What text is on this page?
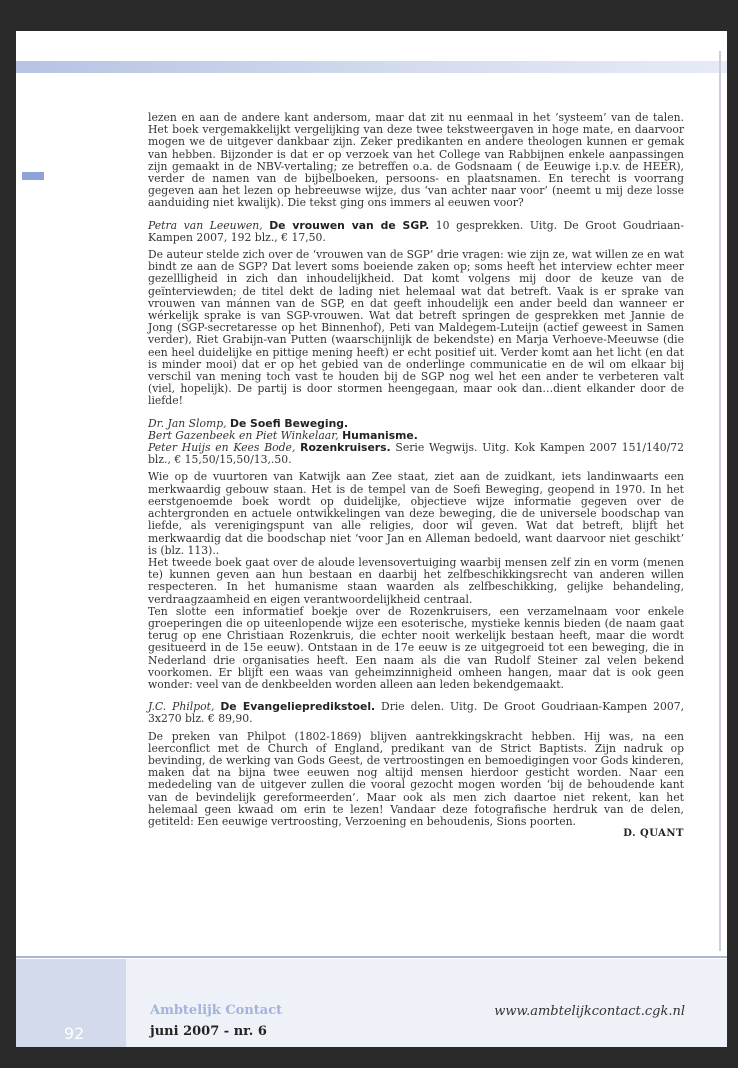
lezen en aan de andere kant andersom, maar dat zit nu eenmaal in het ‘systeem’ van de talen. Het boek vergemakkelijkt vergelijking van deze twee tekstweergaven in hoge mate, en daarvoor mogen we de uitgever dankbaar zijn. Zeker predikanten en andere theologen kunnen er gemak van hebben. Bijzonder is dat er op verzoek van het College van Rabbijnen enkele aanpassingen zijn gemaakt in de NBV-vertaling; ze betreffen o.a. de Godsnaam ( de Eeuwige i.p.v. de HEER), verder de namen van de bijbelboeken, persoons- en plaatsnamen. En terecht is voorrang gegeven aan het lezen op hebreeuwse wijze, dus ‘van achter naar voor’ (neemt u mij deze losse aanduiding niet kwalijk). Die tekst ging ons immers al eeuwen voor?

Petra van Leeuwen, De vrouwen van de SGP. 10 gesprekken. Uitg. De Groot Goudriaan-Kampen 2007, 192 blz., € 17,50.

De auteur stelde zich over de ‘vrouwen van de SGP’ drie vragen: wie zijn ze, wat willen ze en wat bindt ze aan de SGP? Dat levert soms boeiende zaken op; soms heeft het interview echter meer gezellligheid in zich dan inhoudelijkheid. Dat komt volgens mij door de keuze van de geïnterviewden; de titel dekt de lading niet helemaal wat dat betreft. Vaak is er sprake van vrouwen van mánnen van de SGP, en dat geeft inhoudelijk een ander beeld dan wanneer er wérkelijk sprake is van SGP-vrouwen. Wat dat betreft springen de gesprekken met Jannie de Jong (SGP-secretaresse op het Binnenhof), Peti van Maldegem-Luteijn (actief geweest in Samen verder), Riet Grabijn-van Putten (waarschijnlijk de bekendste) en Marja Verhoeve-Meeuwse (die een heel duidelijke en pittige mening heeft) er echt positief uit. Verder komt aan het licht (en dat is minder mooi) dat er op het gebied van de onderlinge communicatie en de wil om elkaar bij verschil van mening toch vast te houden bij de SGP nog wel het een ander te verbeteren valt (viel, hopelijk). De partij is door stormen heengegaan, maar ook dan…dient elkander door de liefde!

Dr. Jan Slomp, De Soefi Beweging.

Bert Gazenbeek en Piet Winkelaar, Humanisme.

Peter Huijs en Kees Bode, Rozenkruisers. Serie Wegwijs. Uitg. Kok Kampen 2007 151/140/72 blz., € 15,50/15,50/13,.50.

Wie op de vuurtoren van Katwijk aan Zee staat, ziet aan de zuidkant, iets landinwaarts een merkwaardig gebouw staan. Het is de tempel van de Soefi Beweging, geopend in 1970. In het eerstgenoemde boek wordt op duidelijke, objectieve wijze informatie gegeven over de achtergronden en actuele ontwikkelingen van deze beweging, die de universele boodschap van liefde, als verenigingspunt van alle religies, door wil geven. Wat dat betreft, blijft het merkwaardig dat die boodschap niet ‘voor Jan en Alleman bedoeld, want daarvoor niet geschikt’ is (blz. 113)..

Het tweede boek gaat over de aloude levensovertuiging waarbij mensen zelf zin en vorm (menen te) kunnen geven aan hun bestaan en daarbij het zelfbeschikkingsrecht van anderen willen respecteren. In het humanisme staan waarden als zelfbeschikking, gelijke behandeling, verdraagzaamheid en eigen verantwoordelijkheid centraal.

Ten slotte een informatief boekje over de Rozenkruisers, een verzamelnaam voor enkele groeperingen die op uiteenlopende wijze een esoterische, mystieke kennis bieden (de naam gaat terug op ene Christiaan Rozenkruis, die echter nooit werkelijk bestaan heeft, maar die wordt gesitueerd in de 15e eeuw). Ontstaan in de 17e eeuw is ze uitgegroeid tot een beweging, die in Nederland drie organisaties heeft. Een naam als die van Rudolf Steiner zal velen bekend voorkomen. Er blijft een waas van geheimzinnigheid omheen hangen, maar dat is ook geen wonder: veel van de denkbeelden worden alleen aan leden bekendgemaakt.

J.C. Philpot, De Evangeliepredikstoel. Drie delen. Uitg. De Groot Goudriaan-Kampen 2007, 3x270 blz. € 89,90.

De preken van Philpot (1802-1869) blijven aantrekkingskracht hebben. Hij was, na een leerconflict met de Church of England, predikant van de Strict Baptists. Zijn nadruk op bevinding, de werking van Gods Geest, de vertroostingen en bemoedigingen voor Gods kinderen, maken dat na bijna twee eeuwen nog altijd mensen hierdoor gesticht worden. Naar een mededeling van de uitgever zullen die vooral gezocht mogen worden ‘bij de behoudende kant van de bevindelijk gereformeerden’. Maar ook als men zich daartoe niet rekent, kan het helemaal geen kwaad om erin te lezen! Vandaar deze fotografische herdruk van de delen, getiteld: Een eeuwige vertroosting, Verzoening en behoudenis, Sions poorten.

D. QUANT

92
Ambtelijk Contact
juni 2007 - nr. 6
www.ambtelijkcontact.cgk.nl
